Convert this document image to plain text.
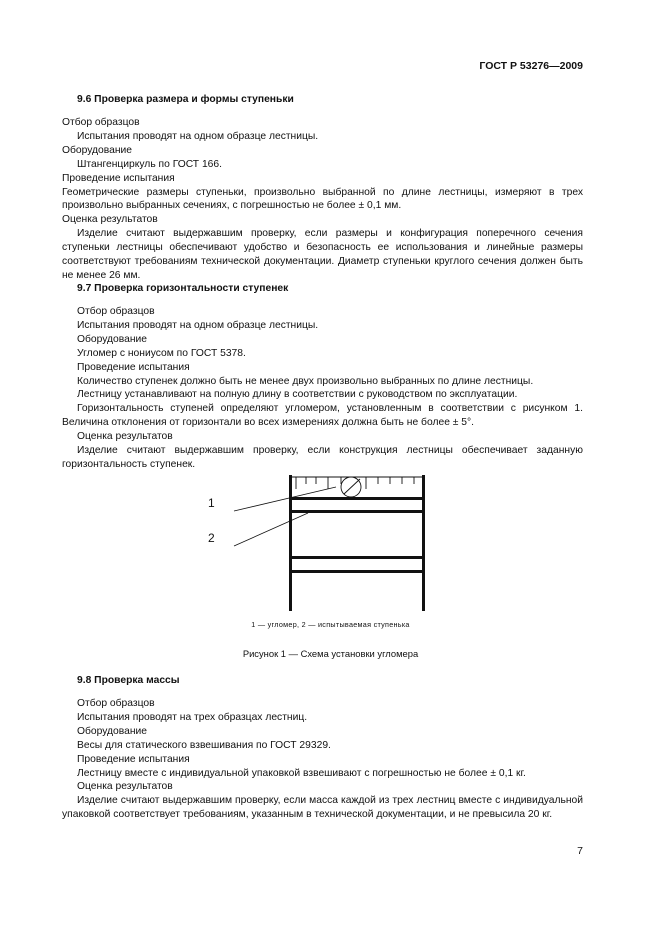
ГОСТ Р 53276—2009
9.6 Проверка размера и формы ступеньки
Отбор образцов
Испытания проводят на одном образце лестницы.
Оборудование
Штангенциркуль по ГОСТ 166.
Проведение испытания
Геометрические размеры ступеньки, произвольно выбранной по длине лестницы, измеряют в трех произвольно выбранных сечениях, с погрешностью не более ± 0,1 мм.
Оценка результатов
Изделие считают выдержавшим проверку, если размеры и конфигурация поперечного сечения ступеньки лестницы обеспечивают удобство и безопасность ее использования и линейные размеры соответствуют требованиям технической документации. Диаметр ступеньки круглого сечения должен быть не менее 26 мм.
9.7 Проверка горизонтальности ступенек
Отбор образцов
Испытания проводят на одном образце лестницы.
Оборудование
Угломер с нониусом по ГОСТ 5378.
Проведение испытания
Количество ступенек должно быть не менее двух произвольно выбранных по длине лестницы.
Лестницу устанавливают на полную длину в соответствии с руководством по эксплуатации.
Горизонтальность ступеней определяют угломером, установленным в соответствии с рисунком 1. Величина отклонения от горизонтали во всех измерениях должна быть не более ± 5°.
Оценка результатов
Изделие считают выдержавшим проверку, если конструкция лестницы обеспечивает заданную горизонтальность ступенек.
1
2
1 — угломер, 2 — испытываемая ступенька
Рисунок 1 — Схема установки угломера
9.8 Проверка массы
Отбор образцов
Испытания проводят на трех образцах лестниц.
Оборудование
Весы для статического взвешивания по ГОСТ 29329.
Проведение испытания
Лестницу вместе с индивидуальной упаковкой взвешивают с погрешностью не более ± 0,1 кг.
Оценка результатов
Изделие считают выдержавшим проверку, если масса каждой из трех лестниц вместе с индивидуальной упаковкой соответствует требованиям, указанным в технической документации, и не превысила 20 кг.
7
